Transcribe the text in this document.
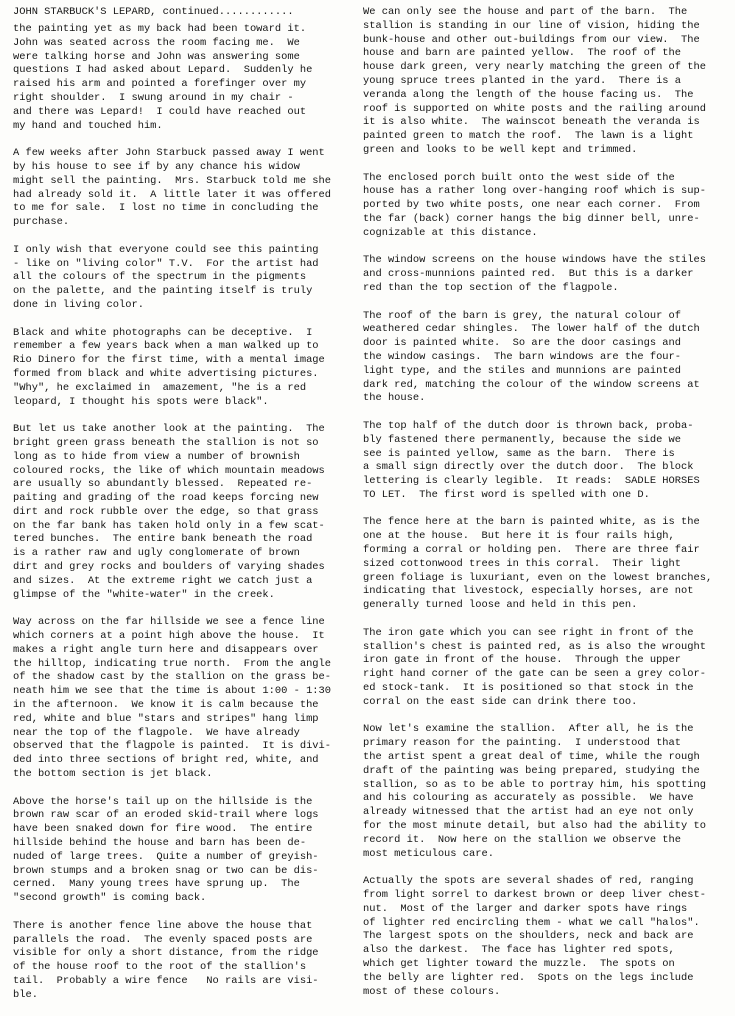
JOHN STARBUCK'S LEPARD, continued............
the painting yet as my back had been toward it.
John was seated across the room facing me.  We
were talking horse and John was answering some
questions I had asked about Lepard.  Suddenly he
raised his arm and pointed a forefinger over my
right shoulder.  I swung around in my chair -
and there was Lepard!  I could have reached out
my hand and touched him.
A few weeks after John Starbuck passed away I went
by his house to see if by any chance his widow
might sell the painting.  Mrs. Starbuck told me she
had already sold it.  A little later it was offered
to me for sale.  I lost no time in concluding the
purchase.
I only wish that everyone could see this painting
- like on "living color" T.V.  For the artist had
all the colours of the spectrum in the pigments
on the palette, and the painting itself is truly
done in living color.
Black and white photographs can be deceptive.  I
remember a few years back when a man walked up to
Rio Dinero for the first time, with a mental image
formed from black and white advertising pictures.
"Why", he exclaimed in  amazement, "he is a red
leopard, I thought his spots were black".
But let us take another look at the painting.  The
bright green grass beneath the stallion is not so
long as to hide from view a number of brownish
coloured rocks, the like of which mountain meadows
are usually so abundantly blessed.  Repeated re-
paiting and grading of the road keeps forcing new
dirt and rock rubble over the edge, so that grass
on the far bank has taken hold only in a few scat-
tered bunches.  The entire bank beneath the road
is a rather raw and ugly conglomerate of brown
dirt and grey rocks and boulders of varying shades
and sizes.  At the extreme right we catch just a
glimpse of the "white-water" in the creek.
Way across on the far hillside we see a fence line
which corners at a point high above the house.  It
makes a right angle turn here and disappears over
the hilltop, indicating true north.  From the angle
of the shadow cast by the stallion on the grass be-
neath him we see that the time is about 1:00 - 1:30
in the afternoon.  We know it is calm because the
red, white and blue "stars and stripes" hang limp
near the top of the flagpole.  We have already
observed that the flagpole is painted.  It is divi-
ded into three sections of bright red, white, and
the bottom section is jet black.
Above the horse's tail up on the hillside is the
brown raw scar of an eroded skid-trail where logs
have been snaked down for fire wood.  The entire
hillside behind the house and barn has been de-
nuded of large trees.  Quite a number of greyish-
brown stumps and a broken snag or two can be dis-
cerned.  Many young trees have sprung up.  The
"second growth" is coming back.
There is another fence line above the house that
parallels the road.  The evenly spaced posts are
visible for only a short distance, from the ridge
of the house roof to the root of the stallion's
tail.  Probably a wire fence   No rails are visi-
ble.
We can only see the house and part of the barn.  The
stallion is standing in our line of vision, hiding the
bunk-house and other out-buildings from our view.  The
house and barn are painted yellow.  The roof of the
house dark green, very nearly matching the green of the
young spruce trees planted in the yard.  There is a
veranda along the length of the house facing us.  The
roof is supported on white posts and the railing around
it is also white.  The wainscot beneath the veranda is
painted green to match the roof.  The lawn is a light
green and looks to be well kept and trimmed.
The enclosed porch built onto the west side of the
house has a rather long over-hanging roof which is sup-
ported by two white posts, one near each corner.  From
the far (back) corner hangs the big dinner bell, unre-
cognizable at this distance.
The window screens on the house windows have the stiles
and cross-munnions painted red.  But this is a darker
red than the top section of the flagpole.
The roof of the barn is grey, the natural colour of
weathered cedar shingles.  The lower half of the dutch
door is painted white.  So are the door casings and
the window casings.  The barn windows are the four-
light type, and the stiles and munnions are painted
dark red, matching the colour of the window screens at
the house.
The top half of the dutch door is thrown back, proba-
bly fastened there permanently, because the side we
see is painted yellow, same as the barn.  There is
a small sign directly over the dutch door.  The block
lettering is clearly legible.  It reads:  SADLE HORSES
TO LET.  The first word is spelled with one D.
The fence here at the barn is painted white, as is the
one at the house.  But here it is four rails high,
forming a corral or holding pen.  There are three fair
sized cottonwood trees in this corral.  Their light
green foliage is luxuriant, even on the lowest branches,
indicating that livestock, especially horses, are not
generally turned loose and held in this pen.
The iron gate which you can see right in front of the
stallion's chest is painted red, as is also the wrought
iron gate in front of the house.  Through the upper
right hand corner of the gate can be seen a grey color-
ed stock-tank.  It is positioned so that stock in the
corral on the east side can drink there too.
Now let's examine the stallion.  After all, he is the
primary reason for the painting.  I understood that
the artist spent a great deal of time, while the rough
draft of the painting was being prepared, studying the
stallion, so as to be able to portray him, his spotting
and his colouring as accurately as possible.  We have
already witnessed that the artist had an eye not only
for the most minute detail, but also had the ability to
record it.  Now here on the stallion we observe the
most meticulous care.
Actually the spots are several shades of red, ranging
from light sorrel to darkest brown or deep liver chest-
nut.  Most of the larger and darker spots have rings
of lighter red encircling them - what we call "halos".
The largest spots on the shoulders, neck and back are
also the darkest.  The face has lighter red spots,
which get lighter toward the muzzle.  The spots on
the belly are lighter red.  Spots on the legs include
most of these colours.
